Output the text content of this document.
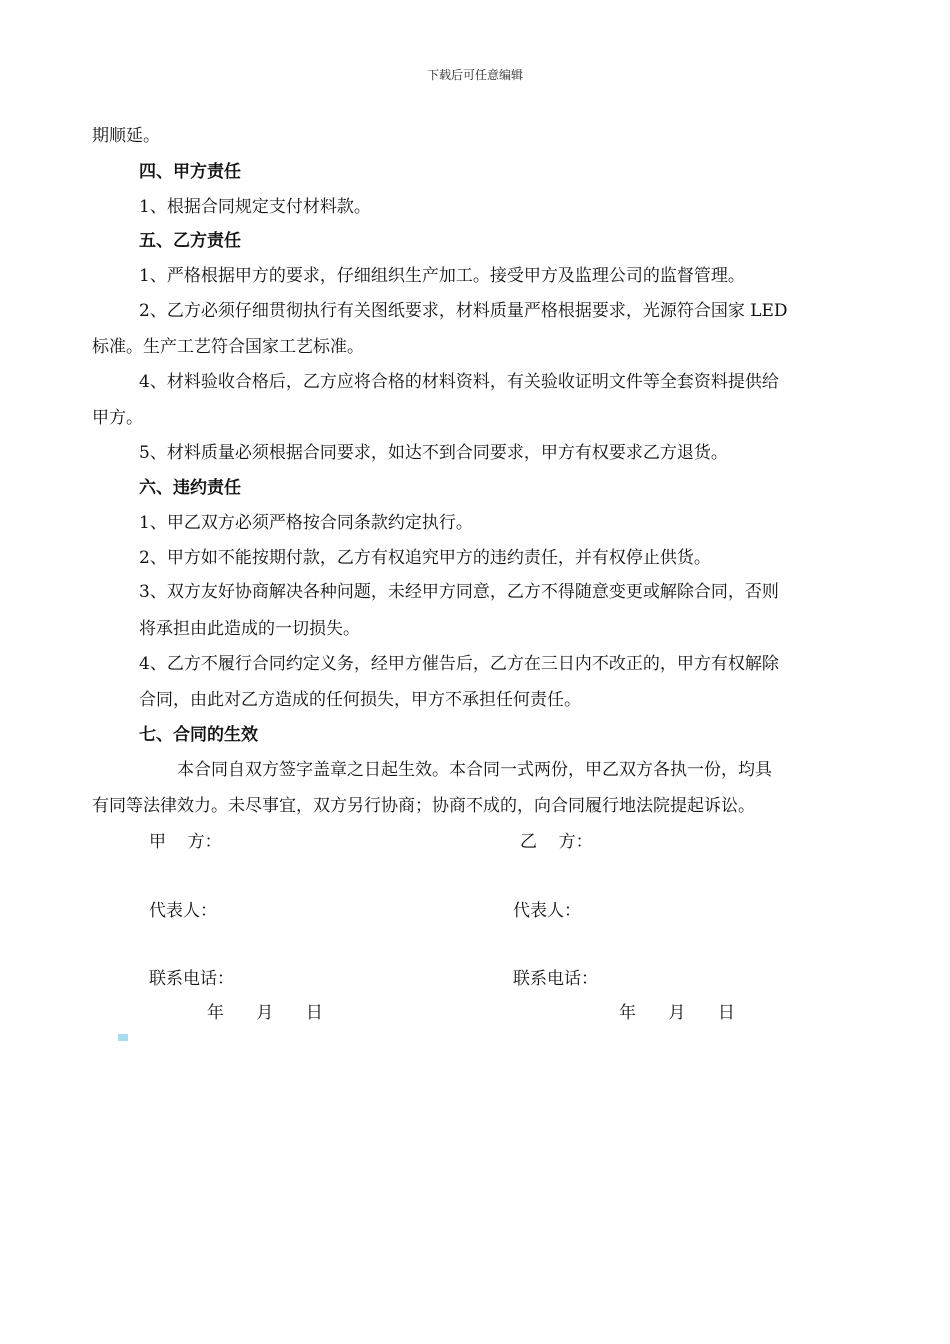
下载后可任意编辑
期顺延。
四、甲方责任
1、根据合同规定支付材料款。
五、乙方责任
1、严格根据甲方的要求，仔细组织生产加工。接受甲方及监理公司的监督管理。
2、乙方必须仔细贯彻执行有关图纸要求，材料质量严格根据要求，光源符合国家 LED
标准。生产工艺符合国家工艺标准。
4、材料验收合格后，乙方应将合格的材料资料，有关验收证明文件等全套资料提供给
甲方。
5、材料质量必须根据合同要求，如达不到合同要求，甲方有权要求乙方退货。
六、违约责任
1、甲乙双方必须严格按合同条款约定执行。
2、甲方如不能按期付款，乙方有权追究甲方的违约责任，并有权停止供货。
3、双方友好协商解决各种问题，未经甲方同意，乙方不得随意变更或解除合同，否则
将承担由此造成的一切损失。
4、乙方不履行合同约定义务，经甲方催告后，乙方在三日内不改正的，甲方有权解除
合同，由此对乙方造成的任何损失，甲方不承担任何责任。
七、合同的生效
本合同自双方签字盖章之日起生效。本合同一式两份，甲乙双方各执一份，均具
有同等法律效力。未尽事宜，双方另行协商；协商不成的，向合同履行地法院提起诉讼。
甲    方：	乙    方：
代表人：	代表人：
联系电话：	联系电话：
年      月      日	年      月      日
